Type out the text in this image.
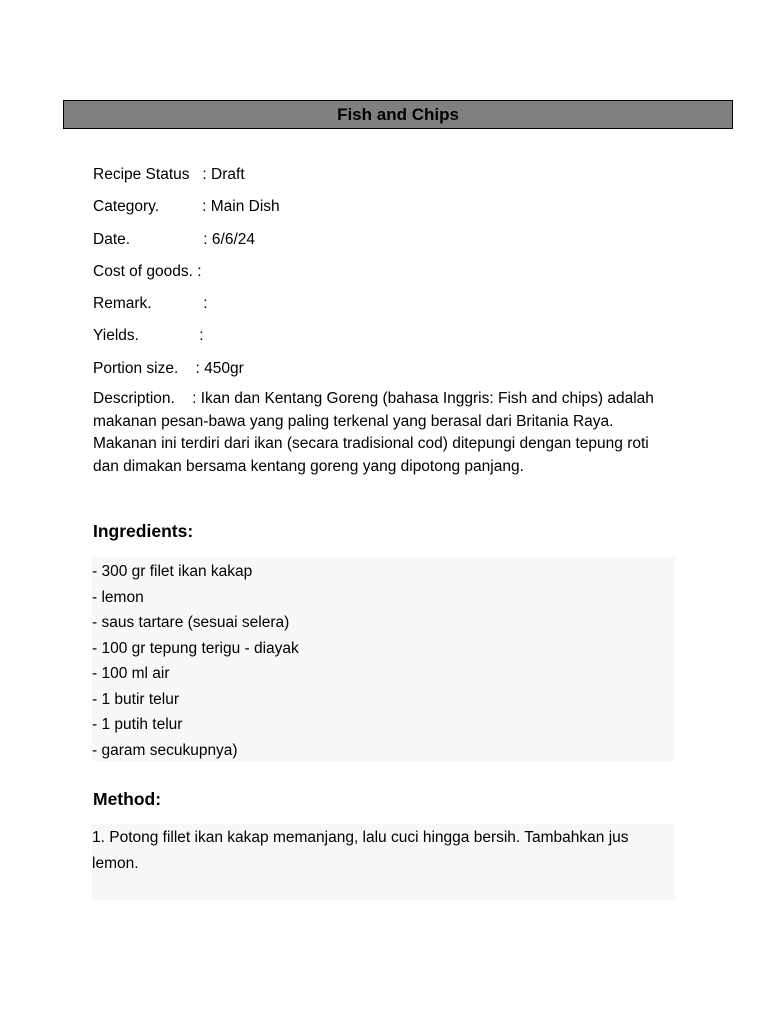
Fish and Chips
Recipe Status   : Draft
Category.          : Main Dish
Date.                 : 6/6/24
Cost of goods. :
Remark.            :
Yields.              :
Portion size.    : 450gr
Description.    : Ikan dan Kentang Goreng (bahasa Inggris: Fish and chips) adalah makanan pesan-bawa yang paling terkenal yang berasal dari Britania Raya. Makanan ini terdiri dari ikan (secara tradisional cod) ditepungi dengan tepung roti dan dimakan bersama kentang goreng yang dipotong panjang.
Ingredients:
- 300 gr filet ikan kakap
- lemon
- saus tartare (sesuai selera)
- 100 gr tepung terigu - diayak
- 100 ml air
- 1 butir telur
- 1 putih telur
- garam secukupnya)
Method:
1. Potong fillet ikan kakap memanjang, lalu cuci hingga bersih. Tambahkan jus lemon.
